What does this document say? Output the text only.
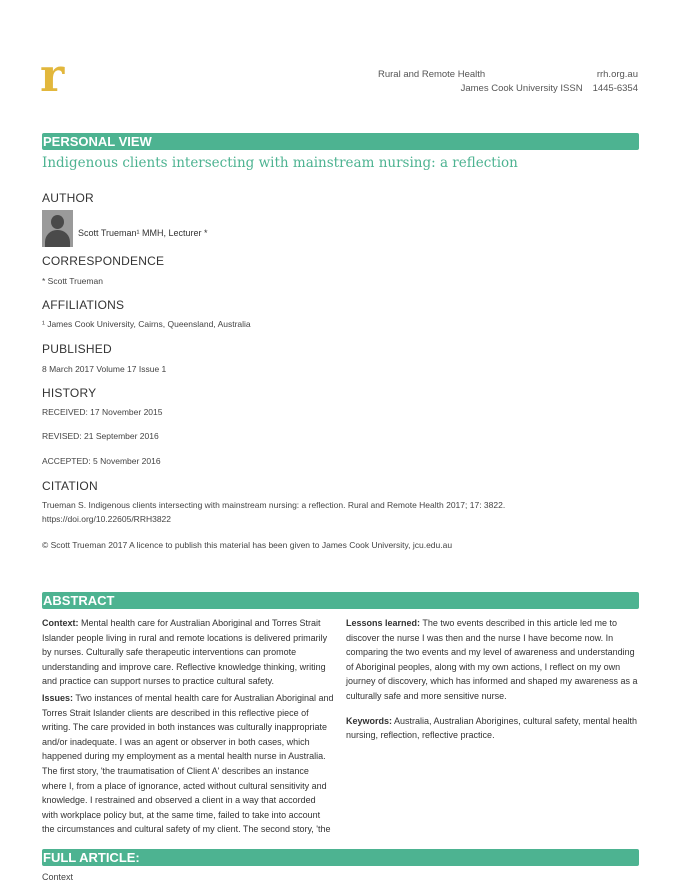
r	Rural and Remote Health	rrh.org.au
James Cook University ISSN 1445-6354
PERSONAL VIEW
Indigenous clients intersecting with mainstream nursing: a reflection
AUTHOR
Scott Trueman¹ MMH, Lecturer *
CORRESPONDENCE
* Scott Trueman
AFFILIATIONS
¹ James Cook University, Cairns, Queensland, Australia
PUBLISHED
8 March 2017 Volume 17 Issue 1
HISTORY
RECEIVED: 17 November 2015
REVISED: 21 September 2016
ACCEPTED: 5 November 2016
CITATION
Trueman S. Indigenous clients intersecting with mainstream nursing: a reflection. Rural and Remote Health 2017; 17: 3822.
https://doi.org/10.22605/RRH3822
© Scott Trueman 2017 A licence to publish this material has been given to James Cook University, jcu.edu.au
ABSTRACT

Context: Mental health care for Australian Aboriginal and Torres Strait Islander people living in rural and remote locations is delivered primarily by nurses. Culturally safe therapeutic interventions can promote understanding and improve care. Reflective knowledge thinking, writing and practice can support nurses to practice cultural safety.

Issues: Two instances of mental health care for Australian Aboriginal and Torres Strait Islander clients are described in this reflective piece of writing. The care provided in both instances was culturally inappropriate and/or inadequate. I was an agent or observer in both cases, which happened during my employment as a mental health nurse in Australia. The first story, 'the traumatisation of Client A' describes an instance where I, from a place of ignorance, acted without cultural sensitivity and knowledge. I restrained and observed a client in a way that accorded with workplace policy but, at the same time, failed to take into account the circumstances and cultural safety of my client. The second story, 'the

Lessons learned: The two events described in this article led me to discover the nurse I was then and the nurse I have become now. In comparing the two events and my level of awareness and understanding of Aboriginal peoples, along with my own actions, I reflect on my own journey of discovery, which has informed and shaped my awareness as a culturally safe and more sensitive nurse.

Keywords: Australia, Australian Aborigines, cultural safety, mental health nursing, reflection, reflective practice.

FULL ARTICLE:
Context
